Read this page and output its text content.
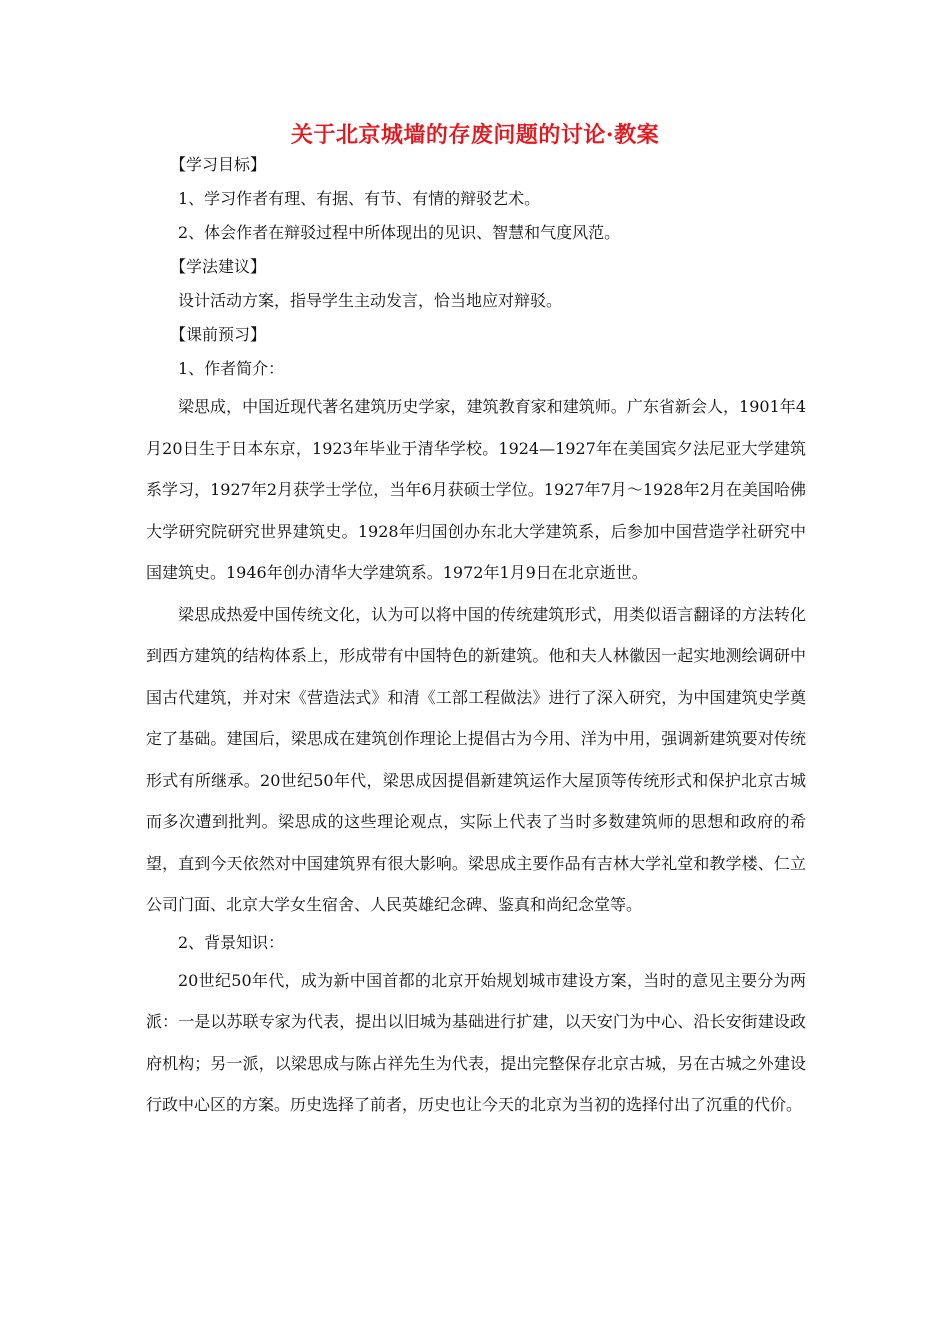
关于北京城墙的存废问题的讨论·教案

【学习目标】

1、学习作者有理、有据、有节、有情的辩驳艺术。

2、体会作者在辩驳过程中所体现出的见识、智慧和气度风范。

【学法建议】

设计活动方案，指导学生主动发言，恰当地应对辩驳。

【课前预习】

1、作者简介：

梁思成，中国近现代著名建筑历史学家，建筑教育家和建筑师。广东省新会人，1901年4月20日生于日本东京，1923年毕业于清华学校。1924—1927年在美国宾夕法尼亚大学建筑系学习，1927年2月获学士学位，当年6月获硕士学位。1927年7月～1928年2月在美国哈佛大学研究院研究世界建筑史。1928年归国创办东北大学建筑系，后参加中国营造学社研究中国建筑史。1946年创办清华大学建筑系。1972年1月9日在北京逝世。

梁思成热爱中国传统文化，认为可以将中国的传统建筑形式，用类似语言翻译的方法转化到西方建筑的结构体系上，形成带有中国特色的新建筑。他和夫人林徽因一起实地测绘调研中国古代建筑，并对宋《营造法式》和清《工部工程做法》进行了深入研究，为中国建筑史学奠定了基础。建国后，梁思成在建筑创作理论上提倡古为今用、洋为中用，强调新建筑要对传统形式有所继承。20世纪50年代，梁思成因提倡新建筑运作大屋顶等传统形式和保护北京古城而多次遭到批判。梁思成的这些理论观点，实际上代表了当时多数建筑师的思想和政府的希望，直到今天依然对中国建筑界有很大影响。梁思成主要作品有吉林大学礼堂和教学楼、仁立公司门面、北京大学女生宿舍、人民英雄纪念碑、鉴真和尚纪念堂等。

2、背景知识：

20世纪50年代，成为新中国首都的北京开始规划城市建设方案，当时的意见主要分为两派：一是以苏联专家为代表，提出以旧城为基础进行扩建，以天安门为中心、沿长安街建设政府机构；另一派，以梁思成与陈占祥先生为代表，提出完整保存北京古城，另在古城之外建设行政中心区的方案。历史选择了前者，历史也让今天的北京为当初的选择付出了沉重的代价。
